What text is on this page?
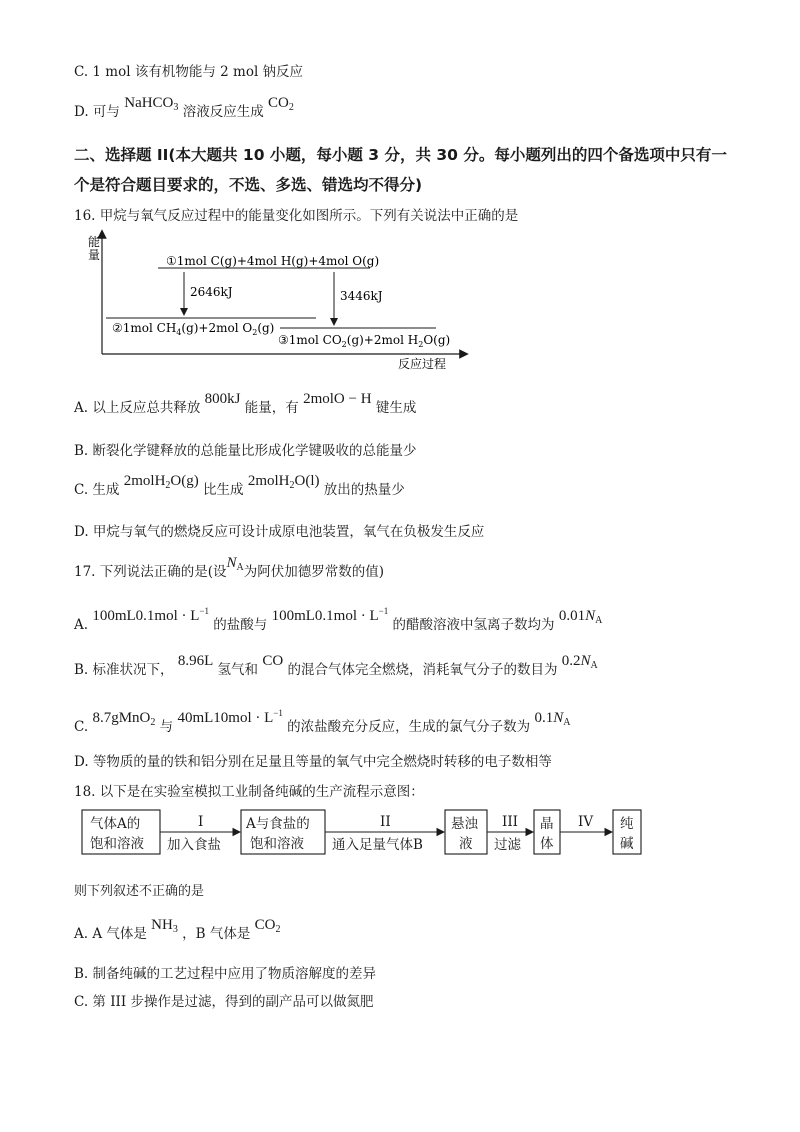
C. 1 mol 该有机物能与 2 mol 钠反应
D. 可与 NaHCO$_3$ 溶液反应生成 $CO_2$
二、选择题 II(本大题共 10 小题，每小题 3 分，共 30 分。每小题列出的四个备选项中只有一
个是符合题目要求的，不选、多选、错选均不得分)
16. 甲烷与氧气反应过程中的能量变化如图所示。下列有关说法中正确的是
能量	①1mol C(g)+4mol H(g)+4mol O(g)
②1mol $CH_4(g)+2mol$ $O_2(g)$
③1mol $CO_2(g)+2mol$ $H_2O(g)$
2646kJ	3446kJ
反应过程
A. 以上反应总共释放 800kJ 能量，有 2molO − H 键生成
B. 断裂化学键释放的总能量比形成化学键吸收的总能量少
C. 生成 2molH$_2$O(g) 比生成 2molH$_2$O(l) 放出的热量少
D. 甲烷与氧气的燃烧反应可设计成原电池装置，氧气在负极发生反应
17. 下列说法正确的是(设$N_A$为阿伏加德罗常数的值)
A. $100mL0.1mol \cdot L^{-1}$ 的盐酸与 $100mL0.1mol \cdot L^{-1}$ 的醋酸溶液中氢离子数均为 $0.01N_A$
B. 标准状况下， 8.96L 氢气和 CO 的混合气体完全燃烧，消耗氧气分子的数目为 $0.2N_A$
C. 8.7gMnO$_2$ 与 $40mL10mol \cdot L^{-1}$ 的浓盐酸充分反应，生成的氯气分子数为 $0.1N_A$
D. 等物质的量的铁和铝分别在足量且等量的氧气中完全燃烧时转移的电子数相等
18. 以下是在实验室模拟工业制备纯碱的生产流程示意图：
气体A的
饱和溶液
I
加入食盐
A与食盐的
饱和溶液
II
通入足量气体B
悬浊
液
III
过滤
晶
体
IV 纯
碱
则下列叙述不正确的是
A. A 气体是 $NH_3$ ，B 气体是 $CO_2$
B. 制备纯碱的工艺过程中应用了物质溶解度的差异
C. 第 III 步操作是过滤，得到的副产品可以做氮肥
